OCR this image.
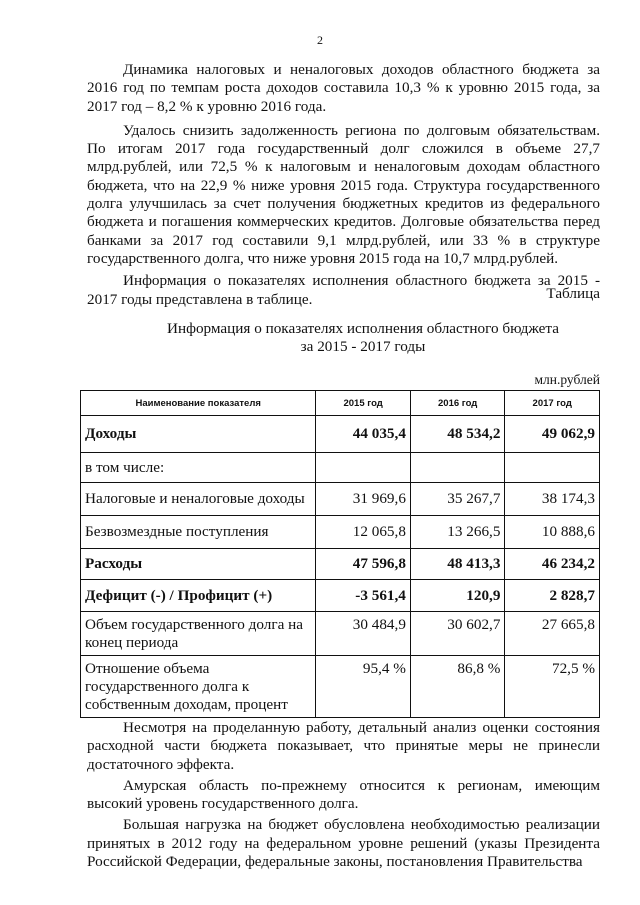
2

Динамика налоговых и неналоговых доходов областного бюджета за 2016 год по темпам роста доходов составила 10,3 % к уровню 2015 года, за 2017 год – 8,2 % к уровню 2016 года.

Удалось снизить задолженность региона по долговым обязательствам. По итогам 2017 года государственный долг сложился в объеме 27,7 млрд.рублей, или 72,5 % к налоговым и неналоговым доходам областного бюджета, что на 22,9 % ниже уровня 2015 года. Структура государственного долга улучшилась за счет получения бюджетных кредитов из федерального бюджета и погашения коммерческих кредитов. Долговые обязательства перед банками за 2017 год составили 9,1 млрд.рублей, или 33 % в структуре государственного долга, что ниже уровня 2015 года на 10,7 млрд.рублей.

Информация о показателях исполнения областного бюджета за 2015 - 2017 годы представлена в таблице.	Таблица
Информация о показателях исполнения областного бюджета
за 2015 - 2017 годы
млн.рублей
Наименование показателя	2015 год	2016 год	2017 год
Доходы	44 035,4	48 534,2	49 062,9
в том числе:			
Налоговые и неналоговые доходы	31 969,6	35 267,7	38 174,3
Безвозмездные поступления	12 065,8	13 266,5	10 888,6
Расходы	47 596,8	48 413,3	46 234,2
Дефицит (-) / Профицит (+)	-3 561,4	120,9	2 828,7
Объем государственного долга на конец периода	30 484,9	30 602,7	27 665,8
Отношение объема государственного долга к собственным доходам, процент	95,4 %	86,8 %	72,5 %

Несмотря на проделанную работу, детальный анализ оценки состояния расходной части бюджета показывает, что принятые меры не принесли достаточного эффекта.

Амурская область по-прежнему относится к регионам, имеющим высокий уровень государственного долга.

Большая нагрузка на бюджет обусловлена необходимостью реализации принятых в 2012 году на федеральном уровне решений (указы Президента Российской Федерации, федеральные законы, постановления Правительства
